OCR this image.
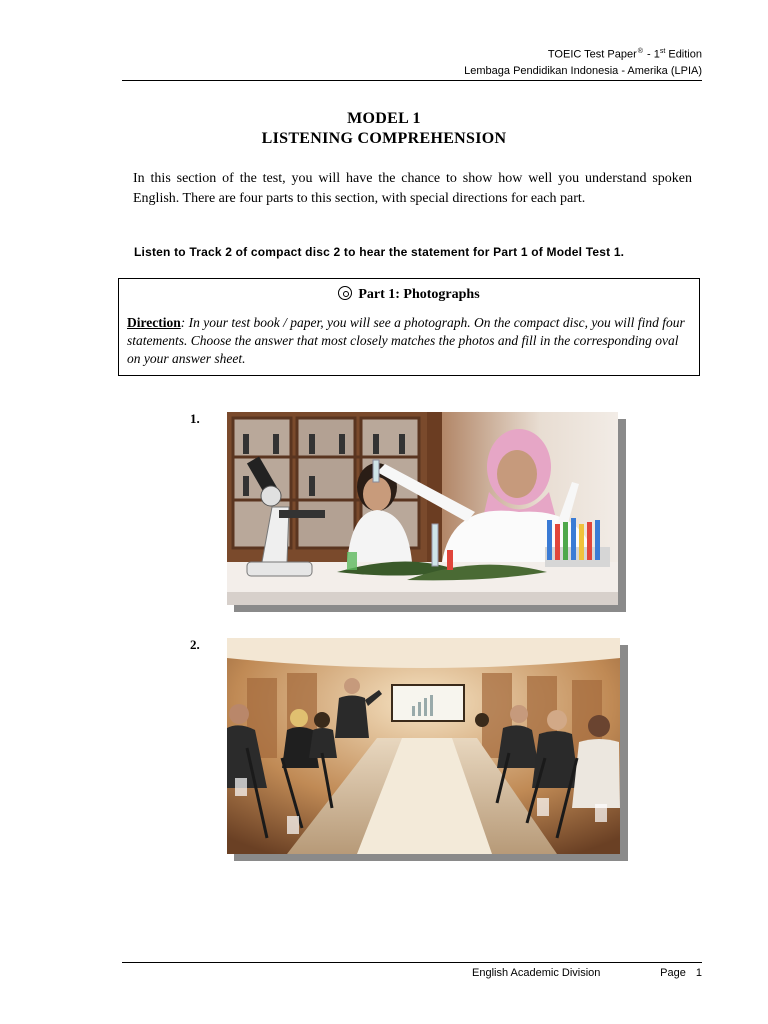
TOEIC Test Paper® - 1st Edition
Lembaga Pendidikan Indonesia - Amerika (LPIA)
MODEL 1
LISTENING COMPREHENSION
In this section of the test, you will have the chance to show how well you understand spoken English. There are four parts to this section, with special directions for each part.
Listen to Track 2 of compact disc 2 to hear the statement for Part 1 of Model Test 1.
Part 1: Photographs
Direction: In your test book / paper, you will see a photograph. On the compact disc, you will find four statements. Choose the answer that most closely matches the photos and fill in the corresponding oval on your answer sheet.
1.
2.
English Academic Division	Page 1
